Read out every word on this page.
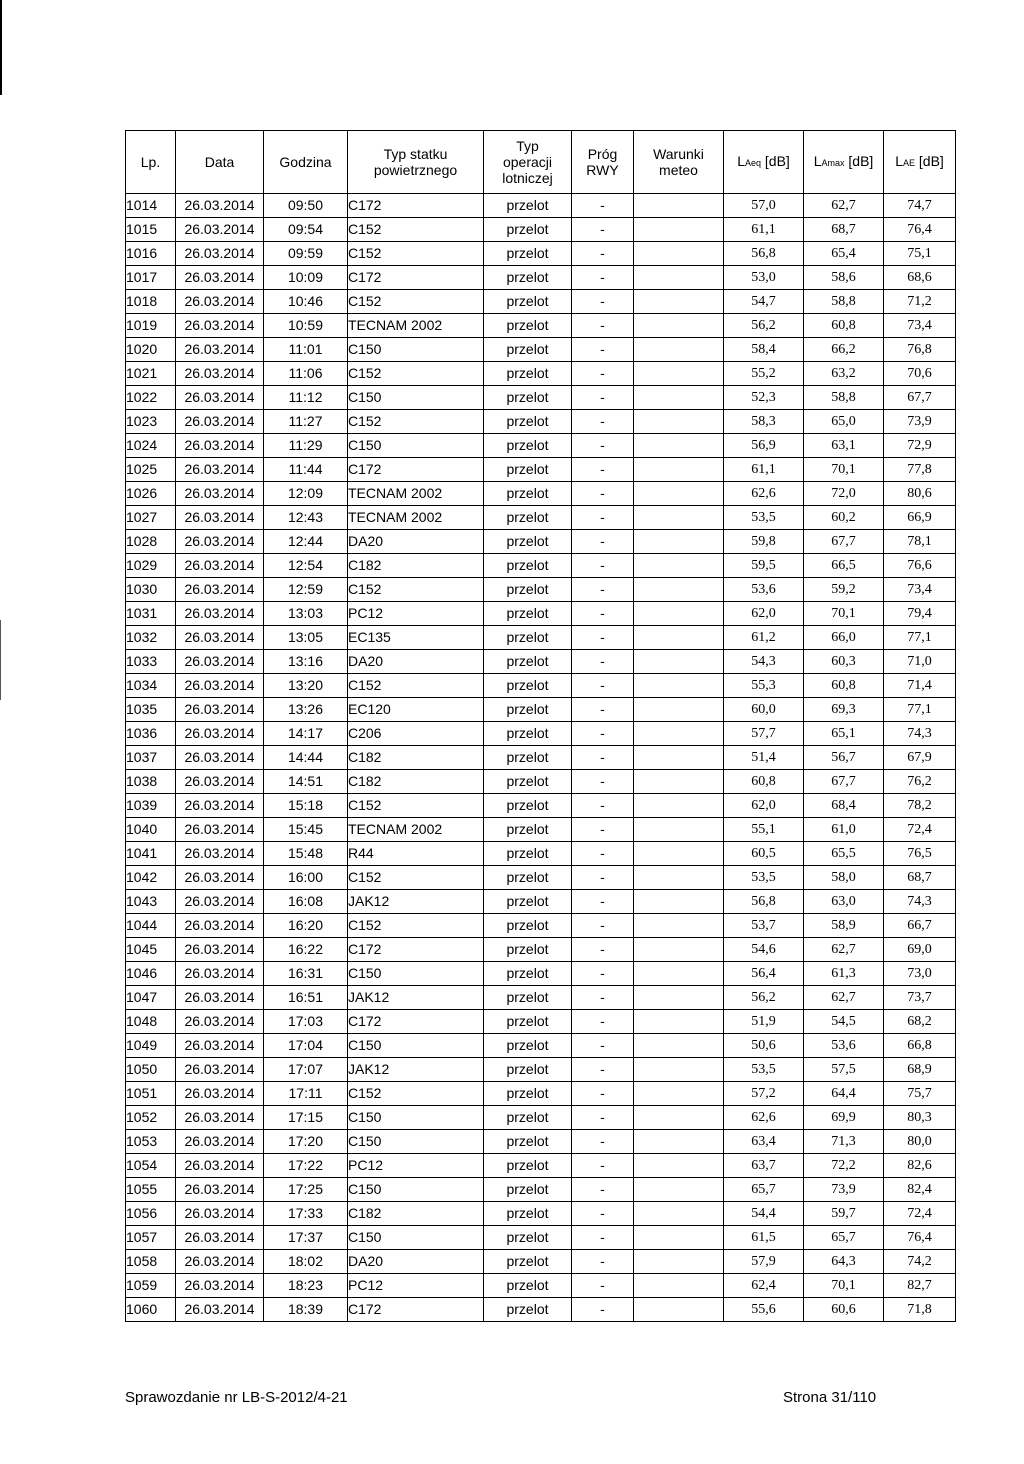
Lp.	Data	Godzina	Typ statku
powietrznego	Typ
operacji
lotniczej	Próg
RWY	Warunki
meteo	LAeq [dB]	LAmax [dB]	LAE [dB]
1014	26.03.2014	09:50	C172	przelot	-		57,0	62,7	74,7
1015	26.03.2014	09:54	C152	przelot	-		61,1	68,7	76,4
1016	26.03.2014	09:59	C152	przelot	-		56,8	65,4	75,1
1017	26.03.2014	10:09	C172	przelot	-		53,0	58,6	68,6
1018	26.03.2014	10:46	C152	przelot	-		54,7	58,8	71,2
1019	26.03.2014	10:59	TECNAM 2002	przelot	-		56,2	60,8	73,4
1020	26.03.2014	11:01	C150	przelot	-		58,4	66,2	76,8
1021	26.03.2014	11:06	C152	przelot	-		55,2	63,2	70,6
1022	26.03.2014	11:12	C150	przelot	-		52,3	58,8	67,7
1023	26.03.2014	11:27	C152	przelot	-		58,3	65,0	73,9
1024	26.03.2014	11:29	C150	przelot	-		56,9	63,1	72,9
1025	26.03.2014	11:44	C172	przelot	-		61,1	70,1	77,8
1026	26.03.2014	12:09	TECNAM 2002	przelot	-		62,6	72,0	80,6
1027	26.03.2014	12:43	TECNAM 2002	przelot	-		53,5	60,2	66,9
1028	26.03.2014	12:44	DA20	przelot	-		59,8	67,7	78,1
1029	26.03.2014	12:54	C182	przelot	-		59,5	66,5	76,6
1030	26.03.2014	12:59	C152	przelot	-		53,6	59,2	73,4
1031	26.03.2014	13:03	PC12	przelot	-		62,0	70,1	79,4
1032	26.03.2014	13:05	EC135	przelot	-		61,2	66,0	77,1
1033	26.03.2014	13:16	DA20	przelot	-		54,3	60,3	71,0
1034	26.03.2014	13:20	C152	przelot	-		55,3	60,8	71,4
1035	26.03.2014	13:26	EC120	przelot	-		60,0	69,3	77,1
1036	26.03.2014	14:17	C206	przelot	-		57,7	65,1	74,3
1037	26.03.2014	14:44	C182	przelot	-		51,4	56,7	67,9
1038	26.03.2014	14:51	C182	przelot	-		60,8	67,7	76,2
1039	26.03.2014	15:18	C152	przelot	-		62,0	68,4	78,2
1040	26.03.2014	15:45	TECNAM 2002	przelot	-		55,1	61,0	72,4
1041	26.03.2014	15:48	R44	przelot	-		60,5	65,5	76,5
1042	26.03.2014	16:00	C152	przelot	-		53,5	58,0	68,7
1043	26.03.2014	16:08	JAK12	przelot	-		56,8	63,0	74,3
1044	26.03.2014	16:20	C152	przelot	-		53,7	58,9	66,7
1045	26.03.2014	16:22	C172	przelot	-		54,6	62,7	69,0
1046	26.03.2014	16:31	C150	przelot	-		56,4	61,3	73,0
1047	26.03.2014	16:51	JAK12	przelot	-		56,2	62,7	73,7
1048	26.03.2014	17:03	C172	przelot	-		51,9	54,5	68,2
1049	26.03.2014	17:04	C150	przelot	-		50,6	53,6	66,8
1050	26.03.2014	17:07	JAK12	przelot	-		53,5	57,5	68,9
1051	26.03.2014	17:11	C152	przelot	-		57,2	64,4	75,7
1052	26.03.2014	17:15	C150	przelot	-		62,6	69,9	80,3
1053	26.03.2014	17:20	C150	przelot	-		63,4	71,3	80,0
1054	26.03.2014	17:22	PC12	przelot	-		63,7	72,2	82,6
1055	26.03.2014	17:25	C150	przelot	-		65,7	73,9	82,4
1056	26.03.2014	17:33	C182	przelot	-		54,4	59,7	72,4
1057	26.03.2014	17:37	C150	przelot	-		61,5	65,7	76,4
1058	26.03.2014	18:02	DA20	przelot	-		57,9	64,3	74,2
1059	26.03.2014	18:23	PC12	przelot	-		62,4	70,1	82,7
1060	26.03.2014	18:39	C172	przelot	-		55,6	60,6	71,8
Sprawozdanie nr LB-S-2012/4-21	Strona 31/110
